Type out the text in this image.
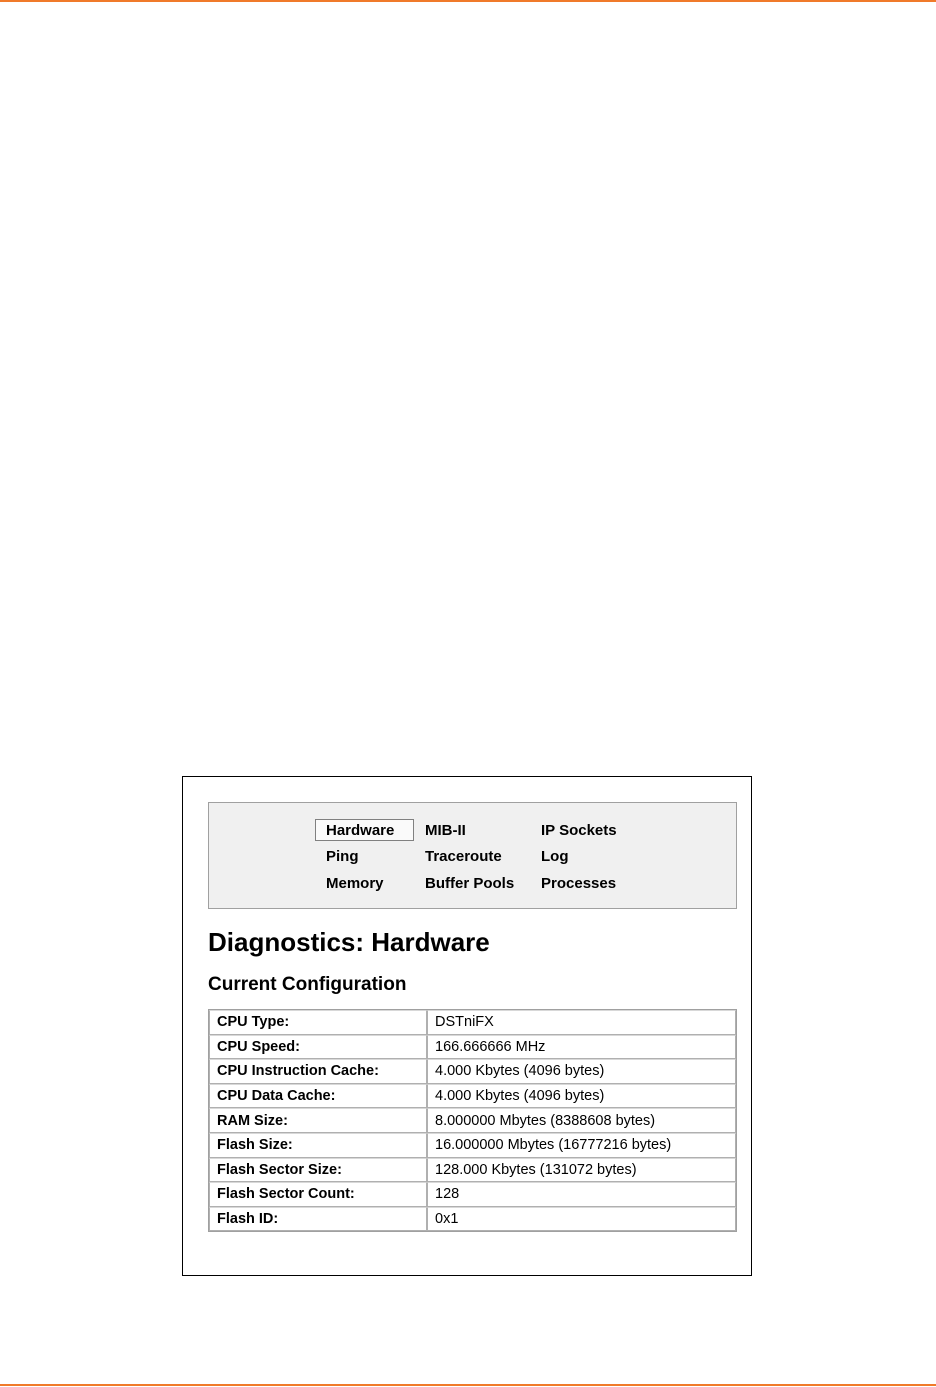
Hardware	MIB-II	IP Sockets
Ping	Traceroute	Log
Memory	Buffer Pools	Processes
Diagnostics: Hardware
Current Configuration
CPU Type:	DSTniFX
CPU Speed:	166.666666 MHz
CPU Instruction Cache:	4.000 Kbytes (4096 bytes)
CPU Data Cache:	4.000 Kbytes (4096 bytes)
RAM Size:	8.000000 Mbytes (8388608 bytes)
Flash Size:	16.000000 Mbytes (16777216 bytes)
Flash Sector Size:	128.000 Kbytes (131072 bytes)
Flash Sector Count:	128
Flash ID:	0x1
